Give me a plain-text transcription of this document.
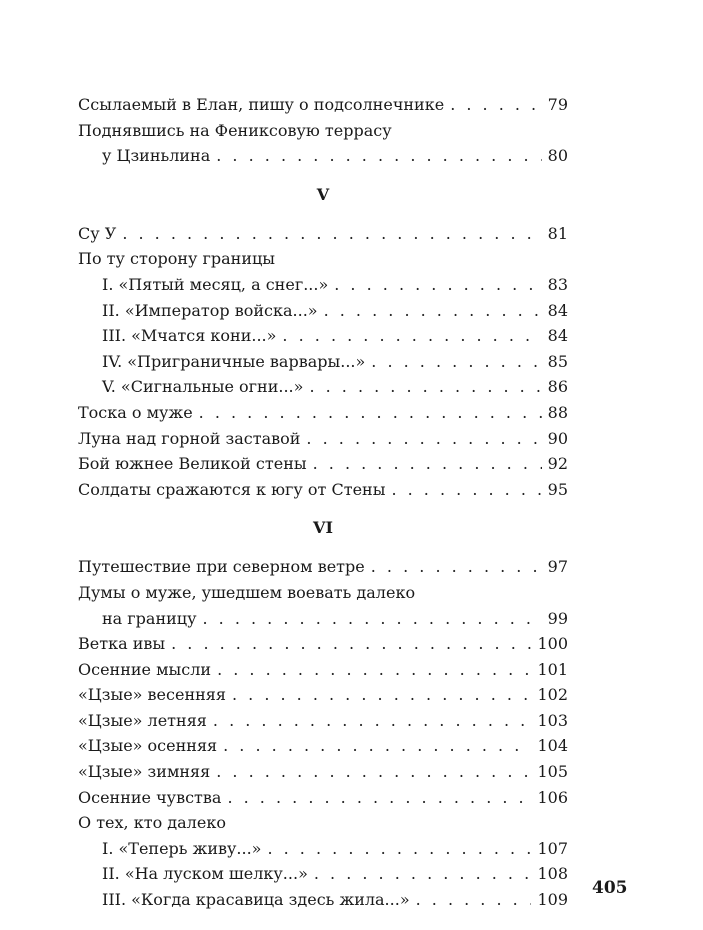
Ссылаемый в Елан, пишу о подсолнечнике . . .	79
Поднявшись на Фениксовую террасу
у Цзиньлина . . .	80
V
Су У . . .	81
По ту сторону границы
I. «Пятый месяц, а снег...» . . .	83
II. «Император войска...» . . .	84
III. «Мчатся кони...» . . .	84
IV. «Приграничные варвары...» . . .	85
V. «Сигнальные огни...» . . .	86
Тоска о муже . . .	88
Луна над горной заставой . . .	90
Бой южнее Великой стены . . .	92
Солдаты сражаются к югу от Стены . . .	95
VI
Путешествие при северном ветре . . .	97
Думы о муже, ушедшем воевать далеко
на границу . . .	99
Ветка ивы . . .	100
Осенние мысли . . .	101
«Цзые» весенняя . . .	102
«Цзые» летняя . . .	103
«Цзые» осенняя . . .	104
«Цзые» зимняя . . .	105
Осенние чувства . . .	106
О тех, кто далеко
I. «Теперь живу...» . . .	107
II. «На луском шелку...» . . .	108
III. «Когда красавица здесь жила...» . . .	109
405
